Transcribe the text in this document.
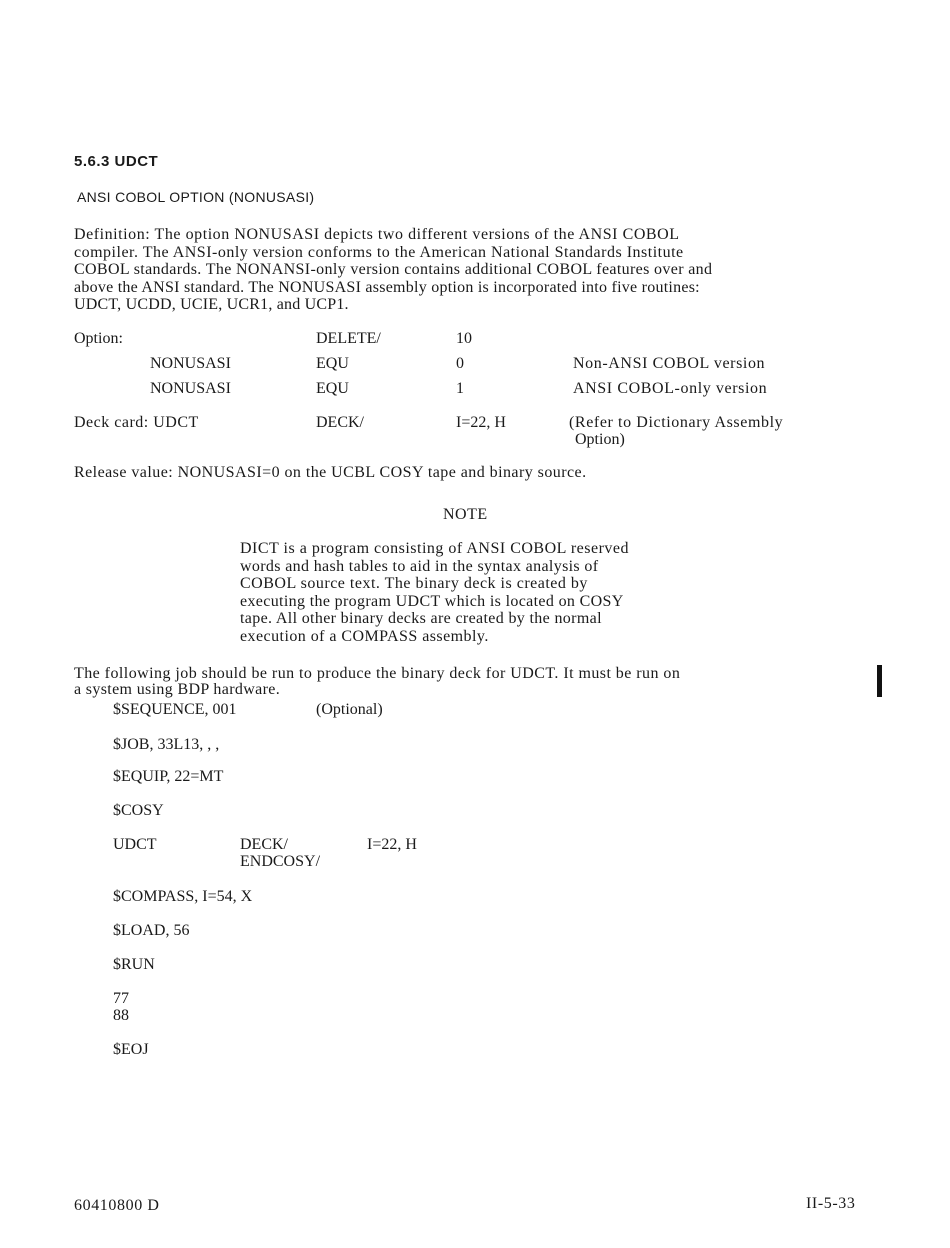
5.6.3 UDCT
ANSI COBOL OPTION (NONUSASI)
Definition: The option NONUSASI depicts two different versions of the ANSI COBOL
compiler. The ANSI-only version conforms to the American National Standards Institute
COBOL standards. The NONANSI-only version contains additional COBOL features over and
above the ANSI standard. The NONUSASI assembly option is incorporated into five routines:
UDCT, UCDD, UCIE, UCR1, and UCP1.
Option:	DELETE/	10
NONUSASI	EQU	0	Non-ANSI COBOL version
NONUSASI	EQU	1	ANSI COBOL-only version
Deck card: UDCT	DECK/	I=22, H	(Refer to Dictionary Assembly
Option)
Release value: NONUSASI=0 on the UCBL COSY tape and binary source.
NOTE
DICT is a program consisting of ANSI COBOL reserved
words and hash tables to aid in the syntax analysis of
COBOL source text. The binary deck is created by
executing the program UDCT which is located on COSY
tape. All other binary decks are created by the normal
execution of a COMPASS assembly.
The following job should be run to produce the binary deck for UDCT. It must be run on
a system using BDP hardware.
$SEQUENCE, 001	(Optional)
$JOB, 33L13, , ,
$EQUIP, 22=MT
$COSY
UDCT	DECK/	I=22, H
ENDCOSY/
$COMPASS, I=54, X
$LOAD, 56
$RUN
77
88
$EOJ
60410800 D	II-5-33
